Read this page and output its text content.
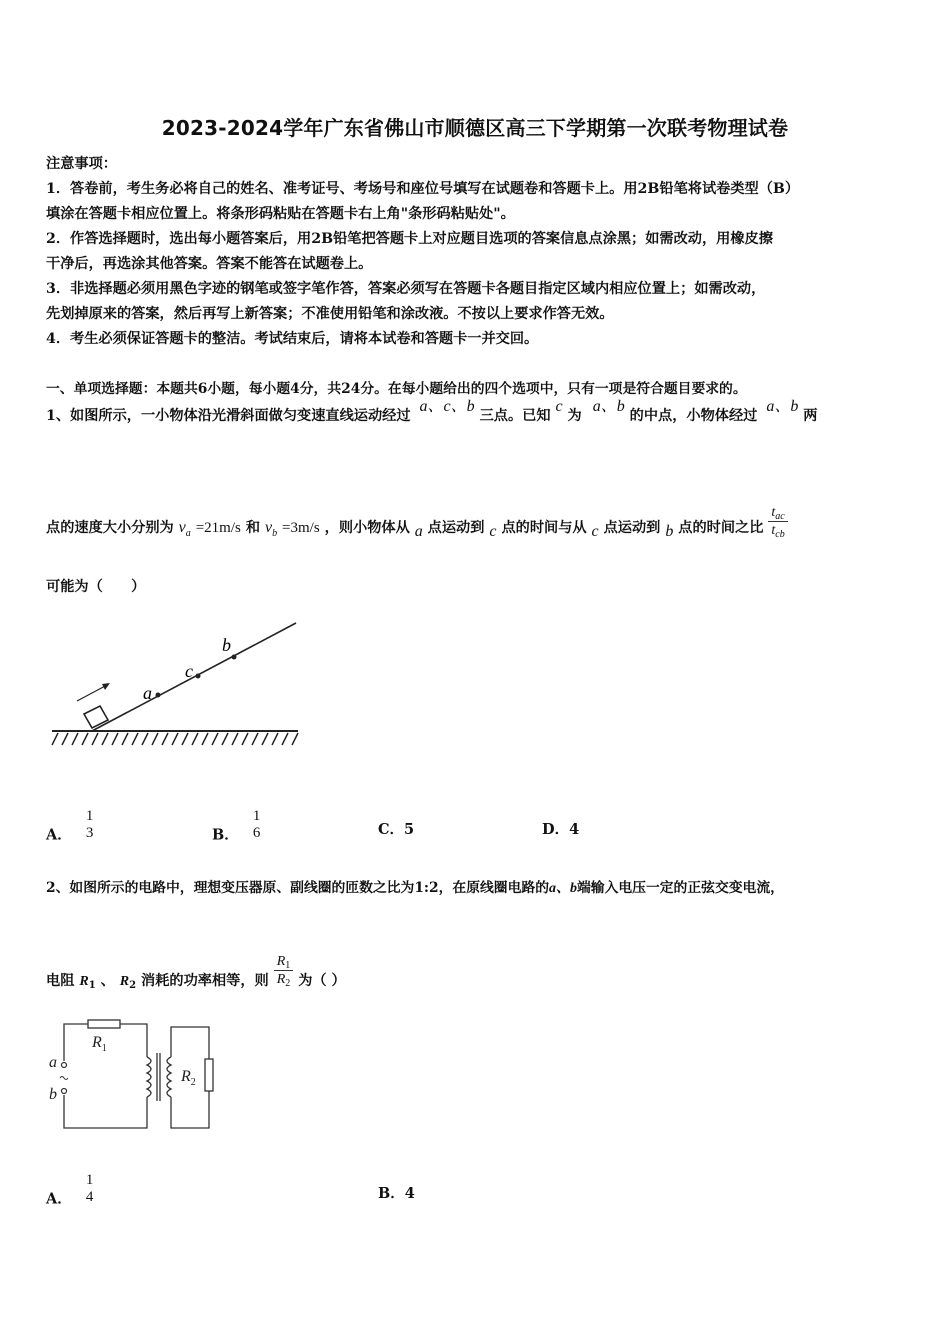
2023-2024学年广东省佛山市顺德区高三下学期第一次联考物理试卷
注意事项：
1．答卷前，考生务必将自己的姓名、准考证号、考场号和座位号填写在试题卷和答题卡上。用2B铅笔将试卷类型（B）
填涂在答题卡相应位置上。将条形码粘贴在答题卡右上角"条形码粘贴处"。
2．作答选择题时，选出每小题答案后，用2B铅笔把答题卡上对应题目选项的答案信息点涂黑；如需改动，用橡皮擦
干净后，再选涂其他答案。答案不能答在试题卷上。
3．非选择题必须用黑色字迹的钢笔或签字笔作答，答案必须写在答题卡各题目指定区域内相应位置上；如需改动，
先划掉原来的答案，然后再写上新答案；不准使用铅笔和涂改液。不按以上要求作答无效。
4．考生必须保证答题卡的整洁。考试结束后，请将本试卷和答题卡一并交回。
一、单项选择题：本题共6小题，每小题4分，共24分。在每小题给出的四个选项中，只有一项是符合题目要求的。
1、如图所示，一小物体沿光滑斜面做匀变速直线运动经过 a、c、b 三点。已知 c 为 a、b 的中点，小物体经过 a、b 两
点的速度大小分别为 $v_a =21m/s$ 和 $v_b =3m/s$ ，则小物体从 a 点运动到 c 点的时间与从 c 点运动到 b 点的时间之比 $\frac{t_{ac}}{t_{cb}}$
可能为（　　）
a
c
b
A．
1
3	B．
1
6	C．5	D．4
2、如图所示的电路中，理想变压器原、副线圈的匝数之比为1:2，在原线圈电路的a、b端输入电压一定的正弦交变电流，
电阻 $R_1$ 、 $R_2$ 消耗的功率相等，则 $\frac{R_1}{R_2}$ 为（ ）
$R_1$
$R_2$
a
b
A．
1
4	B．4
